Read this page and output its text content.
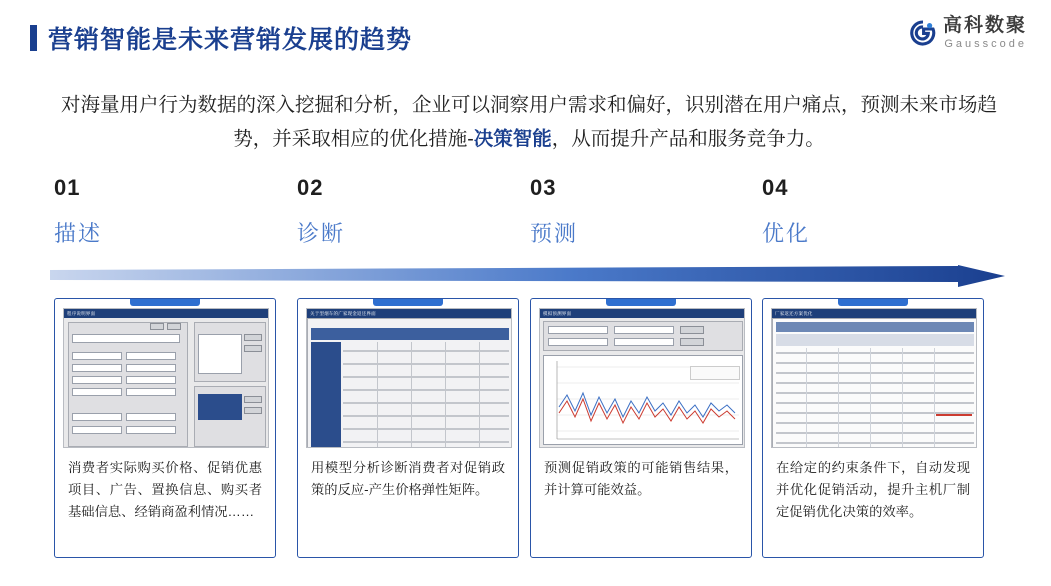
营销智能是未来营销发展的趋势
高科数聚
Gausscode
对海量用户行为数据的深入挖掘和分析，企业可以洞察用户需求和偏好，识别潜在用户痛点，预测未来市场趋势，并采取相应的优化措施-决策智能，从而提升产品和服务竞争力。
01
描述
02
诊断
03
预测
04
优化
程序说明界面
消费者实际购买价格、促销优惠项目、广告、置换信息、购买者基础信息、经销商盈利情况……
关于型烟车的广家现金返还界面
用模型分析诊断消费者对促销政策的反应-产生价格弹性矩阵。
模拟预测界面
预测促销政策的可能销售结果，并计算可能效益。
厂家返还方案优化
在给定的约束条件下，自动发现并优化促销活动，提升主机厂制定促销优化决策的效率。
